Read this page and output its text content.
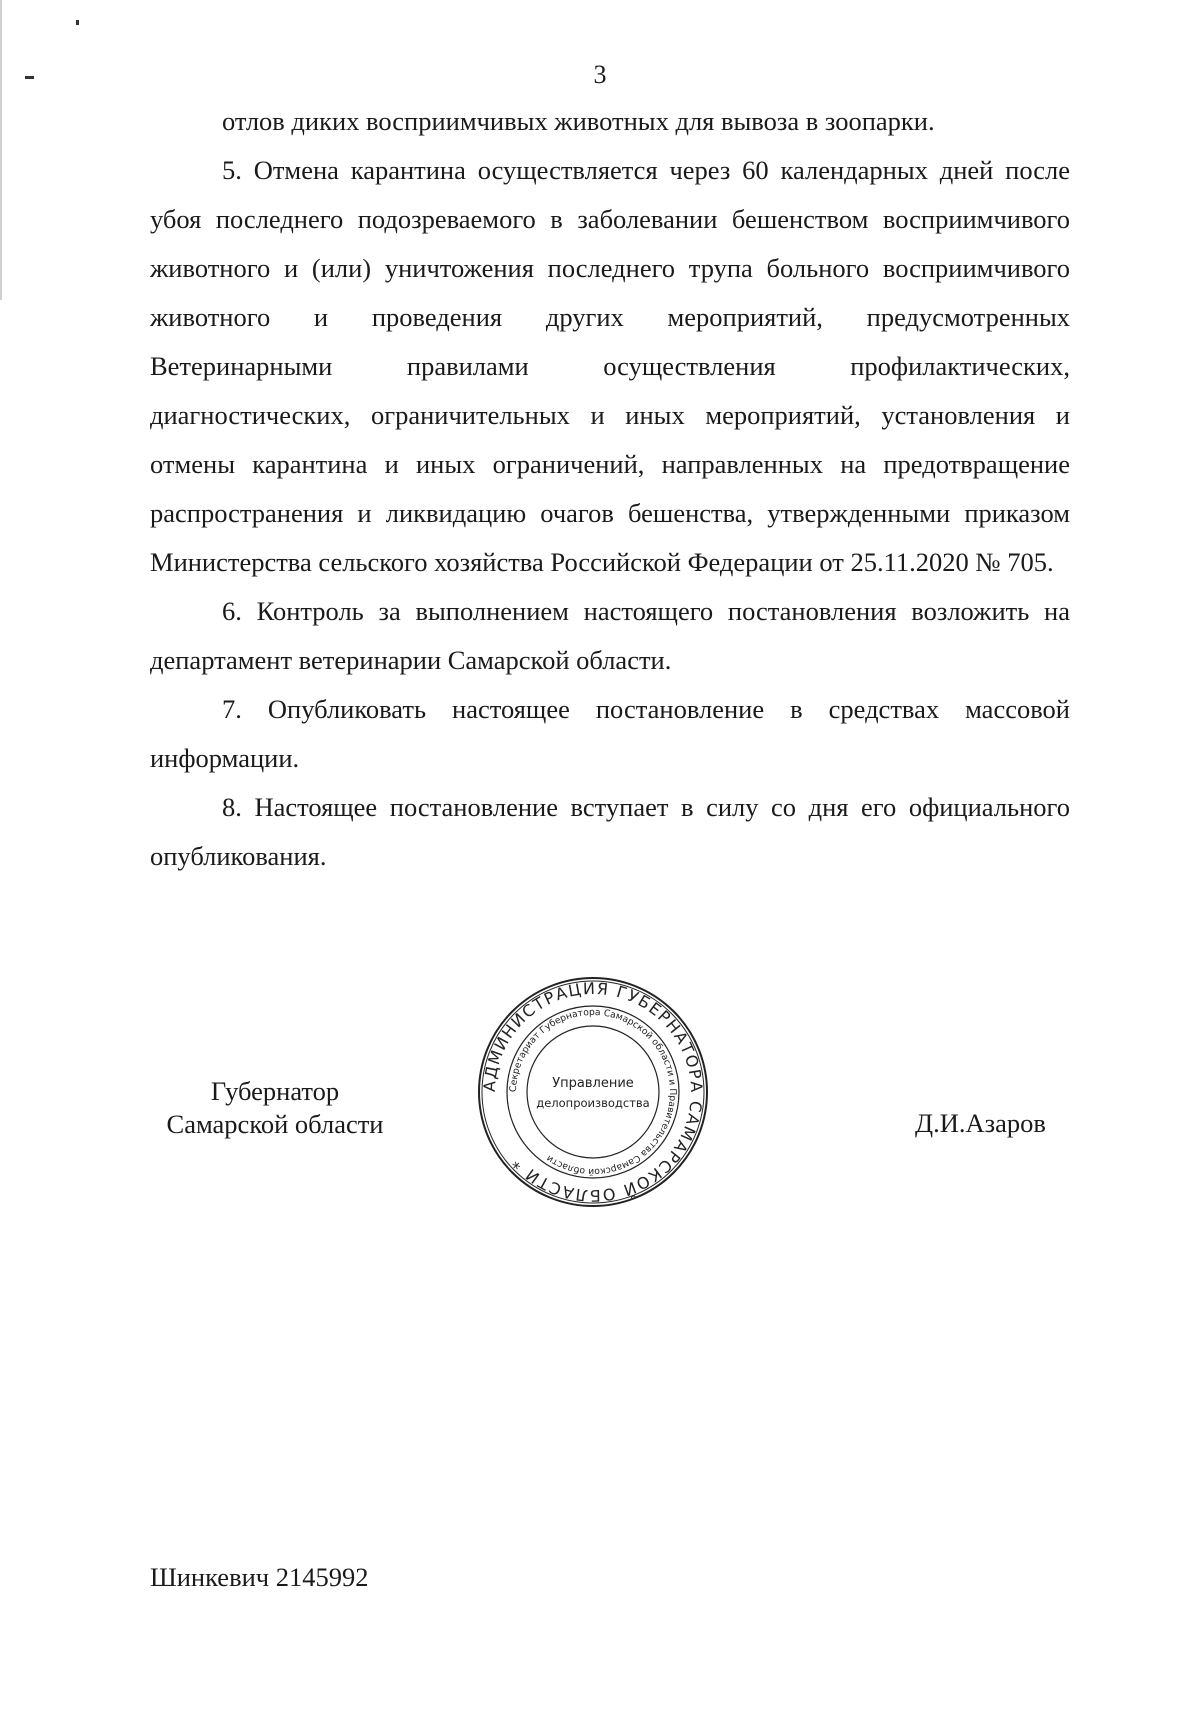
3

отлов диких восприимчивых животных для вывоза в зоопарки.

5. Отмена карантина осуществляется через 60 календарных дней после убоя последнего подозреваемого в заболевании бешенством восприимчивого животного и (или) уничтожения последнего трупа больного восприимчивого животного и проведения других мероприятий, предусмотренных Ветеринарными правилами осуществления профилактических, диагностических, ограничительных и иных мероприятий, установления и отмены карантина и иных ограничений, направленных на предотвращение распространения и ликвидацию очагов бешенства, утвержденными приказом Министерства сельского хозяйства Российской Федерации от 25.11.2020 № 705.

6. Контроль за выполнением настоящего постановления возложить на департамент ветеринарии Самарской области.

7. Опубликовать настоящее постановление в средствах массовой информации.

8. Настоящее постановление вступает в силу со дня его официального опубликования.

Губернатор
Самарской области
АДМИНИСТРАЦИЯ ГУБЕРНАТОРА САМАРСКОЙ ОБЛАСТИ *
Секретариат Губернатора Самарской области и Правительства Самарской области
Управление
делопроизводства
Д.И.Азаров
Шинкевич 2145992
